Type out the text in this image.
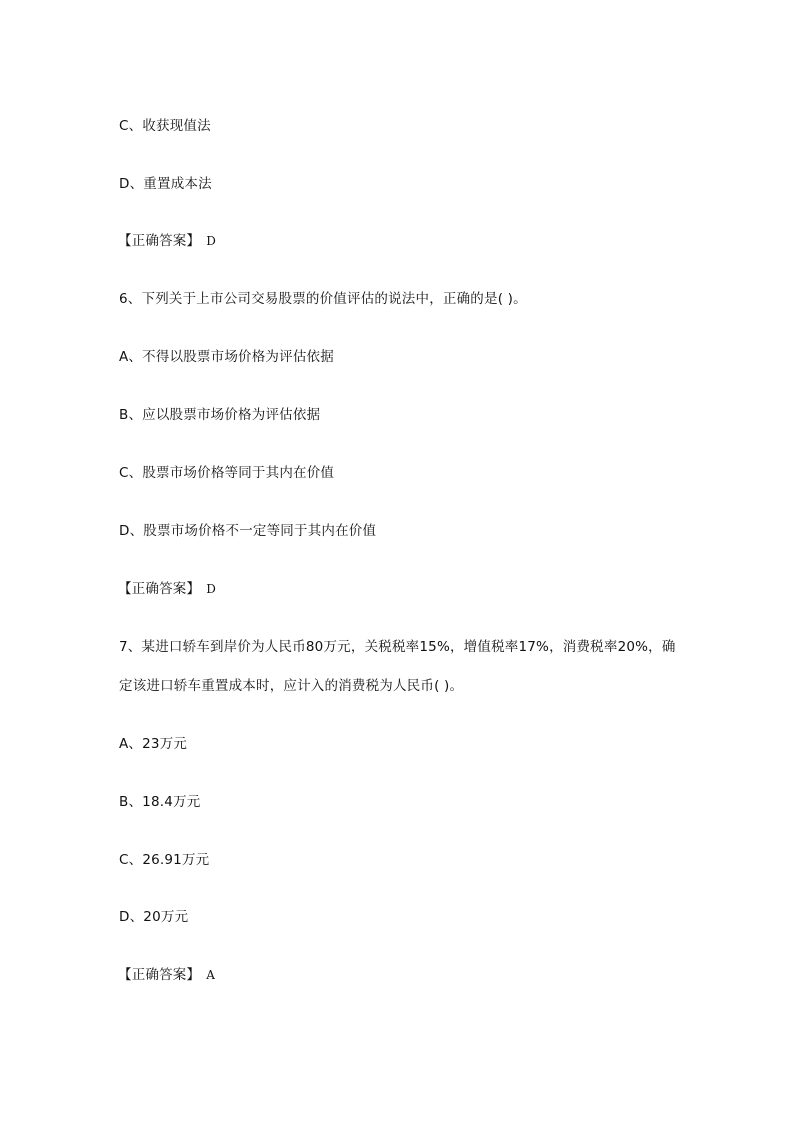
C、收获现值法
D、重置成本法
【正确答案】 D
6、下列关于上市公司交易股票的价值评估的说法中，正确的是( )。
A、不得以股票市场价格为评估依据
B、应以股票市场价格为评估依据
C、股票市场价格等同于其内在价值
D、股票市场价格不一定等同于其内在价值
【正确答案】 D
7、某进口轿车到岸价为人民币80万元，关税税率15%，增值税率17%，消费税率20%，确
定该进口轿车重置成本时，应计入的消费税为人民币( )。
A、23万元
B、18.4万元
C、26.91万元
D、20万元
【正确答案】 A
